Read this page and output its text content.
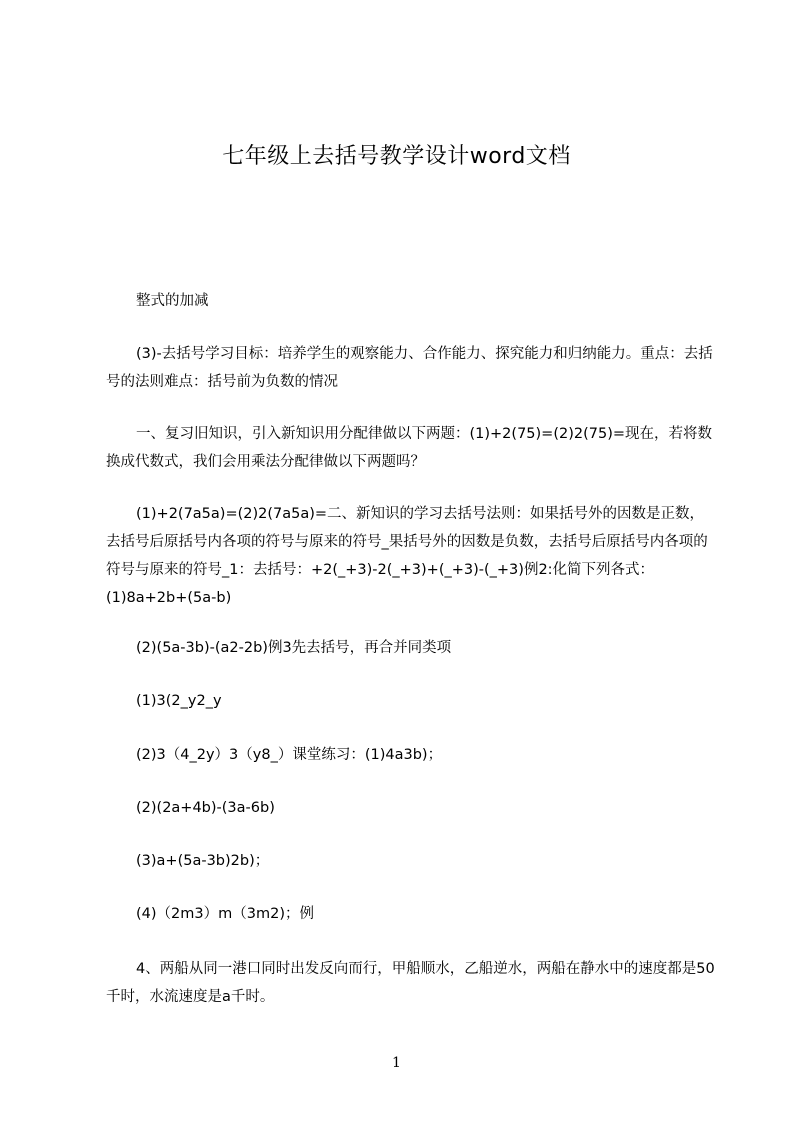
七年级上去括号教学设计word文档

整式的加减

(3)-去括号学习目标：培养学生的观察能力、合作能力、探究能力和归纳能力。重点：去括号的法则难点：括号前为负数的情况

一、复习旧知识，引入新知识用分配律做以下两题：(1)+2(75)=(2)2(75)=现在，若将数换成代数式，我们会用乘法分配律做以下两题吗？

(1)+2(7a5a)=(2)2(7a5a)=二、新知识的学习去括号法则：如果括号外的因数是正数，去括号后原括号内各项的符号与原来的符号_果括号外的因数是负数，去括号后原括号内各项的符号与原来的符号_1：去括号：+2(_+3)-2(_+3)+(_+3)-(_+3)例2:化简下列各式：(1)8a+2b+(5a-b)

(2)(5a-3b)-(a2-2b)例3先去括号，再合并同类项

(1)3(2_y2_y

(2)3（4_2y）3（y8_）课堂练习：(1)4a3b)；

(2)(2a+4b)-(3a-6b)

(3)a+(5a-3b)2b)；

(4)（2m3）m（3m2)；例

4、两船从同一港口同时出发反向而行，甲船顺水，乙船逆水，两船在静水中的速度都是50千时，水流速度是a千时。

1
